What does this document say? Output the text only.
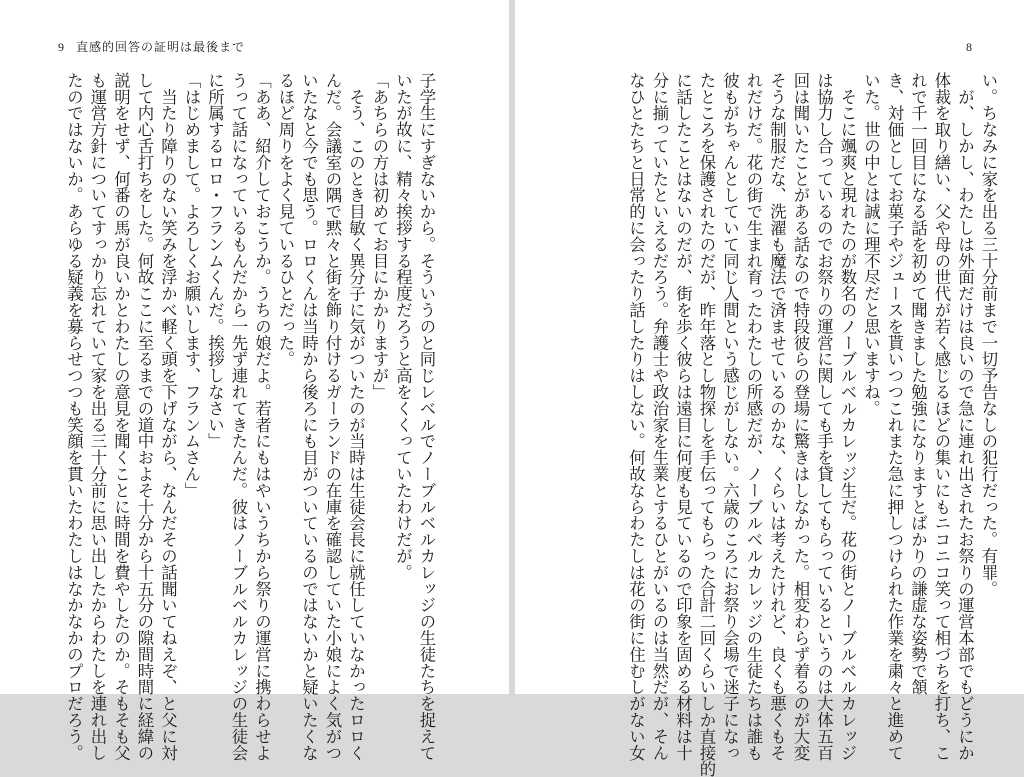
9 直感的回答の証明は最後まで
子学生にすぎないから。そういうのと同じレベルでノーブルベルカレッジの生徒たちを捉えて
いたが故に、精々挨拶する程度だろうと高をくくっていたわけだが。
「あちらの方は初めてお目にかかりますが」
　そう、このとき目敏く異分子に気がついたのが当時は生徒会長に就任していなかったロロく
んだ。会議室の隅で黙々と街を飾り付けるガーランドの在庫を確認していた小娘によく気がつ
いたなと今でも思う。ロロくんは当時から後ろにも目がついているのではないかと疑いたくな
るほど周りをよく見ているひとだった。
「ああ、紹介しておこうか。うちの娘だよ。若者にもはやいうちから祭りの運営に携わらせよ
うって話になっているもんだから一先ず連れてきたんだ。彼はノーブルベルカレッジの生徒会
に所属するロロ・フランムくんだ。挨拶しなさい」
「はじめまして。よろしくお願いします、フランムさん」
　当たり障りのない笑みを浮かべ軽く頭を下げながら、なんだその話聞いてねえぞ、と父に対
して内心舌打ちをした。何故ここに至るまでの道中およそ十分から十五分の隙間時間に経緯の
説明をせず、何番の馬が良いかとわたしの意見を聞くことに時間を費やしたのか。そもそも父
も運営方針についてすっかり忘れていて家を出る三十分前に思い出したからわたしを連れ出し
たのではないか。あらゆる疑義を募らせつつも笑顔を貫いたわたしはなかなかのプロだろう。
8
い。ちなみに家を出る三十分前まで一切予告なしの犯行だった。有罪。
　が、しかし、わたしは外面だけは良いので急に連れ出されたお祭りの運営本部でもどうにか
体裁を取り繕い、父や母の世代が若く感じるほどの集いにもニコニコ笑って相づちを打ち、こ
れで千一回目になる話を初めて聞きました勉強になりますとばかりの謙虚な姿勢で頷
き、対価としてお菓子やジュースを貰いつつこれまた急に押しつけられた作業を粛々と進めて
いた。世の中とは誠に理不尽だと思いますね。
　そこに颯爽と現れたのが数名のノーブルベルカレッジ生だ。花の街とノーブルベルカレッジ
は協力し合っているのでお祭りの運営に関しても手を貸してもらっているというのは大体五百
回は聞いたことがある話なので特段彼らの登場に驚きはしなかった。相変わらず着るのが大変
そうな制服だな、洗濯も魔法で済ませているのかな、くらいは考えたけれど、良くも悪くもそ
れだけだ。花の街で生まれ育ったわたしの所感だが、ノーブルベルカレッジの生徒たちは誰も
彼もがちゃんとしていて同じ人間という感じがしない。六歳のころにお祭り会場で迷子になっ
たところを保護されたのだが、昨年落とし物探しを手伝ってもらった合計二回くらいしか直接的
に話したことはないのだが、街を歩く彼らは遠目に何度も見ているので印象を固める材料は十
分に揃っていたといえるだろう。弁護士や政治家を生業とするひとがいるのは当然だが、そん
なひとたちと日常的に会ったり話したりはしない。何故ならわたしは花の街に住むしがない女
